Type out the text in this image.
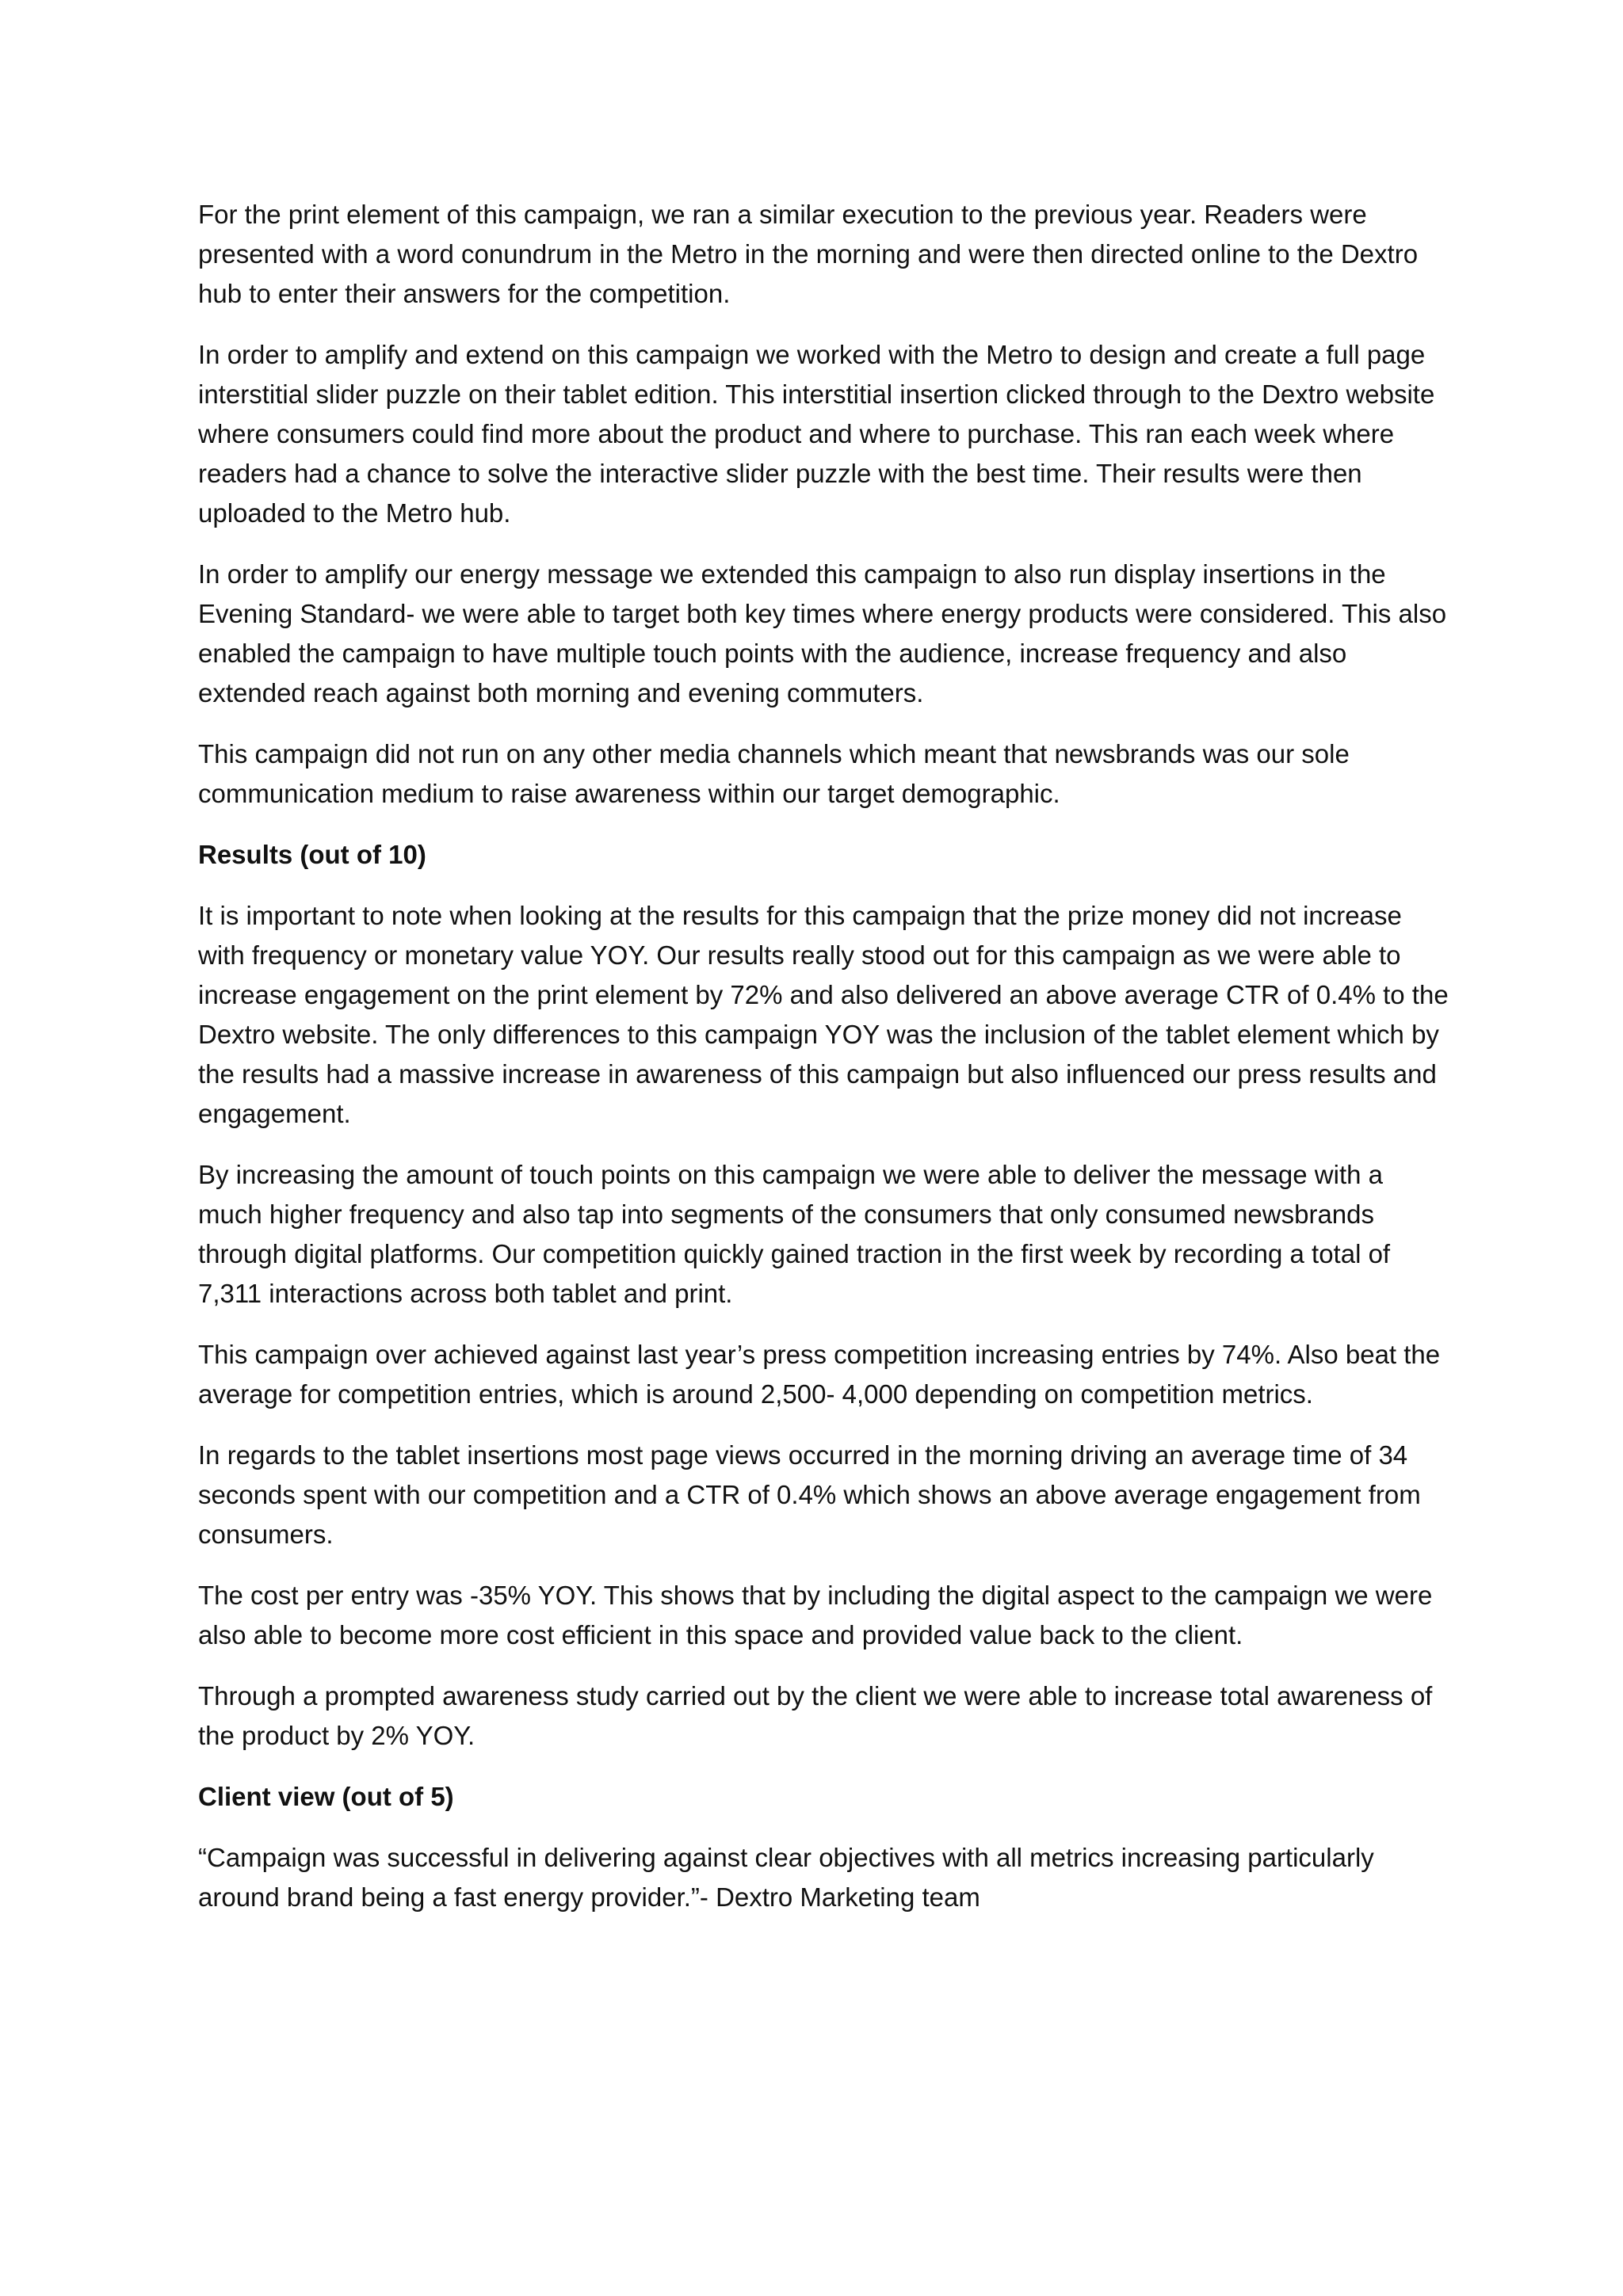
For the print element of this campaign, we ran a similar execution to the previous year. Readers were presented with a word conundrum in the Metro in the morning and were then directed online to the Dextro hub to enter their answers for the competition.

In order to amplify and extend on this campaign we worked with the Metro to design and create a full page interstitial slider puzzle on their tablet edition. This interstitial insertion clicked through to the Dextro website where consumers could find more about the product and where to purchase. This ran each week where readers had a chance to solve the interactive slider puzzle with the best time. Their results were then uploaded to the Metro hub.

In order to amplify our energy message we extended this campaign to also run display insertions in the Evening Standard- we were able to target both key times where energy products were considered. This also enabled the campaign to have multiple touch points with the audience, increase frequency and also extended reach against both morning and evening commuters.

This campaign did not run on any other media channels which meant that newsbrands was our sole communication medium to raise awareness within our target demographic.

Results (out of 10)

It is important to note when looking at the results for this campaign that the prize money did not increase with frequency or monetary value YOY. Our results really stood out for this campaign as we were able to increase engagement on the print element by 72% and also delivered an above average CTR of 0.4% to the Dextro website. The only differences to this campaign YOY was the inclusion of the tablet element which by the results had a massive increase in awareness of this campaign but also influenced our press results and engagement.

By increasing the amount of touch points on this campaign we were able to deliver the message with a much higher frequency and also tap into segments of the consumers that only consumed newsbrands through digital platforms. Our competition quickly gained traction in the first week by recording a total of 7,311 interactions across both tablet and print.

This campaign over achieved against last year’s press competition increasing entries by 74%. Also beat the average for competition entries, which is around 2,500- 4,000 depending on competition metrics.

In regards to the tablet insertions most page views occurred in the morning driving an average time of 34 seconds spent with our competition and a CTR of 0.4% which shows an above average engagement from consumers.

The cost per entry was -35% YOY. This shows that by including the digital aspect to the campaign we were also able to become more cost efficient in this space and provided value back to the client.

Through a prompted awareness study carried out by the client we were able to increase total awareness of the product by 2% YOY.

Client view (out of 5)

“Campaign was successful in delivering against clear objectives with all metrics increasing particularly around brand being a fast energy provider.”- Dextro Marketing team
